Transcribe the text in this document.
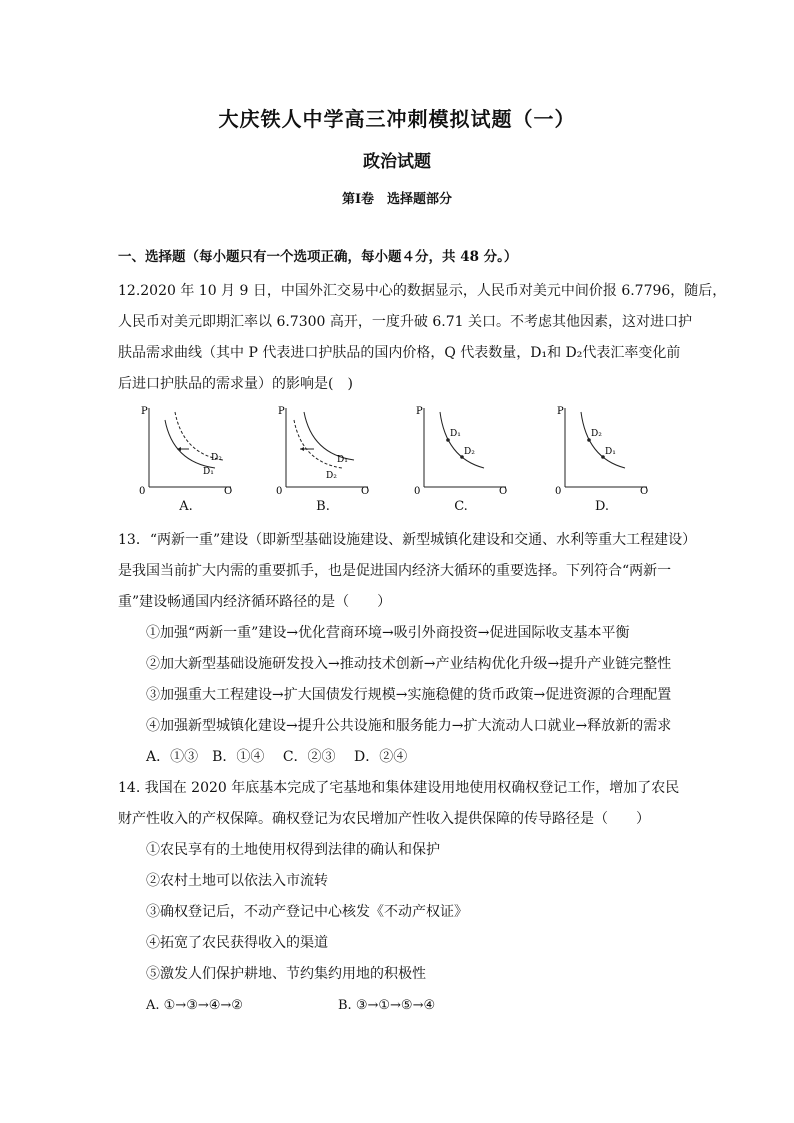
大庆铁人中学高三冲刺模拟试题（一）
政治试题
第Ⅰ卷　选择题部分
一、选择题（每小题只有一个选项正确，每小题４分，共 48 分。）
12.2020 年 10 月 9 日，中国外汇交易中心的数据显示，人民币对美元中间价报 6.7796，随后，
人民币对美元即期汇率以 6.7300 高开，一度升破 6.71 关口。不考虑其他因素，这对进口护
肤品需求曲线（其中 P 代表进口护肤品的国内价格，Q 代表数量，D₁和 D₂代表汇率变化前
后进口护肤品的需求量）的影响是(　)
P
Q
0
D₂
D₁
A.
P
Q
0
D₁
D₂
B.
P
Q
0
D₁
D₂
C.
P
Q
0
D₂
D₁
D.
13．“两新一重”建设（即新型基础设施建设、新型城镇化建设和交通、水利等重大工程建设）
是我国当前扩大内需的重要抓手，也是促进国内经济大循环的重要选择。下列符合“两新一
重”建设畅通国内经济循环路径的是（　　）
①加强“两新一重”建设→优化营商环境→吸引外商投资→促进国际收支基本平衡
②加大新型基础设施研发投入→推动技术创新→产业结构优化升级→提升产业链完整性
③加强重大工程建设→扩大国债发行规模→实施稳健的货币政策→促进资源的合理配置
④加强新型城镇化建设→提升公共设施和服务能力→扩大流动人口就业→释放新的需求
A．①③　B．①④　 C．②③　 D．②④
14. 我国在 2020 年底基本完成了宅基地和集体建设用地使用权确权登记工作，增加了农民
财产性收入的产权保障。确权登记为农民增加产性收入提供保障的传导路径是（　　）
①农民享有的土地使用权得到法律的确认和保护
②农村土地可以依法入市流转
③确权登记后，不动产登记中心核发《不动产权证》
④拓宽了农民获得收入的渠道
⑤激发人们保护耕地、节约集约用地的积极性
A. ①→③→④→②	B. ③→①→⑤→④
